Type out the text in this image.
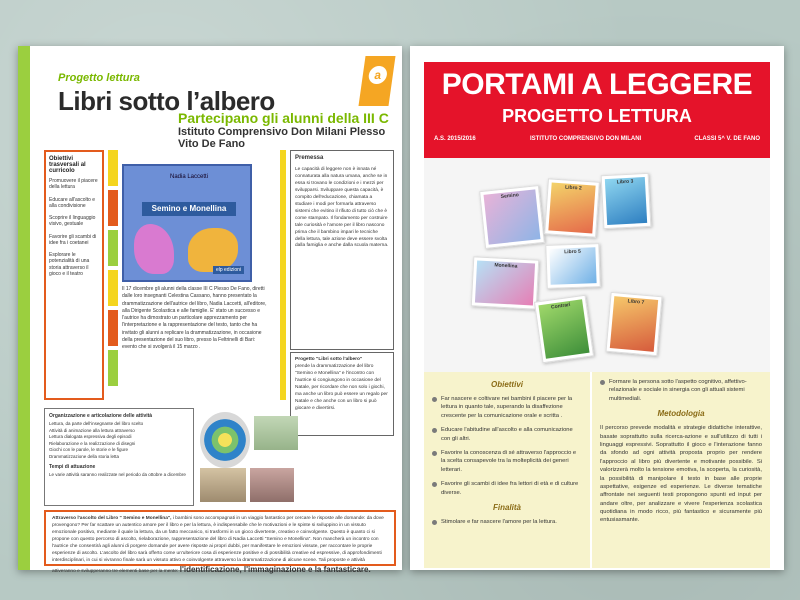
a
Progetto lettura
Libri sotto l’albero
Partecipano gli alunni della III C
Istituto Comprensivo Don Milani Plesso Vito De Fano
Obiettivi trasversali al curricolo
Promuovere il piacere della lettura
Educare all'ascolto e alla condivisione
Scoprire il linguaggio visivo, gestuale
Favorire gli scambi di idee fra i coetanei
Esplorare le potenzialità di una storia attraverso il gioco e il teatro
Nadia Laccetti
Semino e Monellina
elp edizioni
Il 17 dicembre gli alunni della classe III C Plesso De Fano, diretti dalle loro insegnanti Celestina Cassano, hanno presentato la drammatizzazione dell'autrice del libro, Nadia Laccetti, all'editore, alla Dirigente Scolastica e alle famiglie. E' stato un successo e l'autrice ha dimostrato un particolare apprezzamento per l'interpretazione e la rappresentazione del testo, tanto che ha invitato gli alunni a replicare la drammatizzazione, in occasione della presentazione del suo libro, presso la Feltrinelli di Bari: evento che si svolgerà il 15 marzo .
Premessa
Le capacità di leggere non è innata né connaturata alla natura umana, anche se in essa si trovano le condizioni e i mezzi per svilupparsi. Sviluppare questa capacità, è compito dell'educazione, chiamata a studiare i modi per formarla attraverso sistemi che evitino il rifiuto di tutto ciò che è come stampato. Il fondamento per costruire tale curiosità e l'amore per il libro nascono prima che il bambino impari le tecniche della lettura, tale azione deve essere svolta dalla famiglia e anche dalla scuola materna.
Progetto "Libri sotto l'albero"
prende la drammatizzazione del libro "Semino e Monellina" e l'incontro con l'autrice si congiungono in occasione del Natale, per ricordare che non solo i giochi, ma anche un libro può essere un regalo per Natale e che anche con un libro si può giocare e divertirsi.
Organizzazione e articolazione delle attività
Lettura, da parte dell'insegnante del libro scelto
Attività di animazione alla lettura attraverso
Lettura dialogata espressiva degli episodi
Rielaborazione e la realizzazione di disegni
Giochi con le parole, le storie e le figure
Drammatizzazione della storia letta
Tempi di attuazione
Le varie attività saranno realizzate nel periodo da ottobre a dicembre
Attraverso l'ascolto del Libro " Semino e Monellina", i bambini sono accompagnati in un viaggio fantastico per cercare le risposte alle domande: da dove provengono? Per far scattare un autentico amore per il libro e per la lettura, è indispensabile che le motivazioni e le spinte si sviluppino in un vissuto emozionale positivo, mediante il quale la lettura, da un fatto meccanico, si trasformi in un gioco divertente, creativo e coinvolgente. Questo è quanto ci si propone con questo percorso di ascolto, rielaborazione, rappresentazione del libro di Nadia Laccetti "Semino e Monellina". Non mancherà un incontro con l'autrice che consentirà agli alunni di porgere domande per avere risposte ai propri dubbi, per manifestare le emozioni vissute, per raccontare le proprie esperienze di ascolto. L'ascolto del libro sarà offerto come un'ulteriore cosa di esperienze positive e di possibilità creative ed espressive, di approfondimenti interdisciplinari, in cui si vivranno finale sarà un vissuto attivo e coinvolgente attraverso la drammatizzazione di alcune scene. Tali proposte e attività attiveranno e svilupperanno tre elementi base per la mente: l'identificazione, l'immaginazione e la fantasticare.
PORTAMI A LEGGERE
PROGETTO LETTURA
A.S. 2015/2016	ISTITUTO COMPRENSIVO DON MILANI	CLASSI 5^ V. DE FANO
Semino
Libro 2
Libro 3
Monellina
Libro 5
Contrari	Libro 7
Obiettivi
Far nascere e coltivare nei bambini il piacere per la lettura in quanto tale, superando la disaffezione crescente per la comunicazione orale e scritta .
Educare l'abitudine all'ascolto e alla comunicazione con gli altri.
Favorire la conoscenza di sé attraverso l'approccio e la scelta consapevole tra la molteplicità dei generi letterari.
Favorire gli scambi di idee fra lettori di età e di culture diverse.
Finalità
Stimolare e far nascere l'amore per la lettura.
Formare la persona sotto l'aspetto cognitivo, affettivo-relazionale e sociale in sinergia con gli attuali sistemi multimediali.
Metodologia
Il percorso prevede modalità e strategie didattiche interattive, basate soprattutto sulla ricerca-azione e sull'utilizzo di tutti i linguaggi espressivi. Soprattutto il gioco e l'interazione fanno da sfondo ad ogni attività proposta proprio per rendere l'approccio al libro più divertente e motivante possibile. Si valorizzerà molto la tensione emotiva, la scoperta, la curiosità, la possibilità di manipolare il testo in base alle proprie aspettative, esigenze ed esperienze. Le diverse tematiche affrontate nei seguenti testi propongono spunti ed input per andare oltre, per analizzare e vivere l'esperienza scolastica quotidiana in modo ricco, più fantastico e sicuramente più entusiasmante.
